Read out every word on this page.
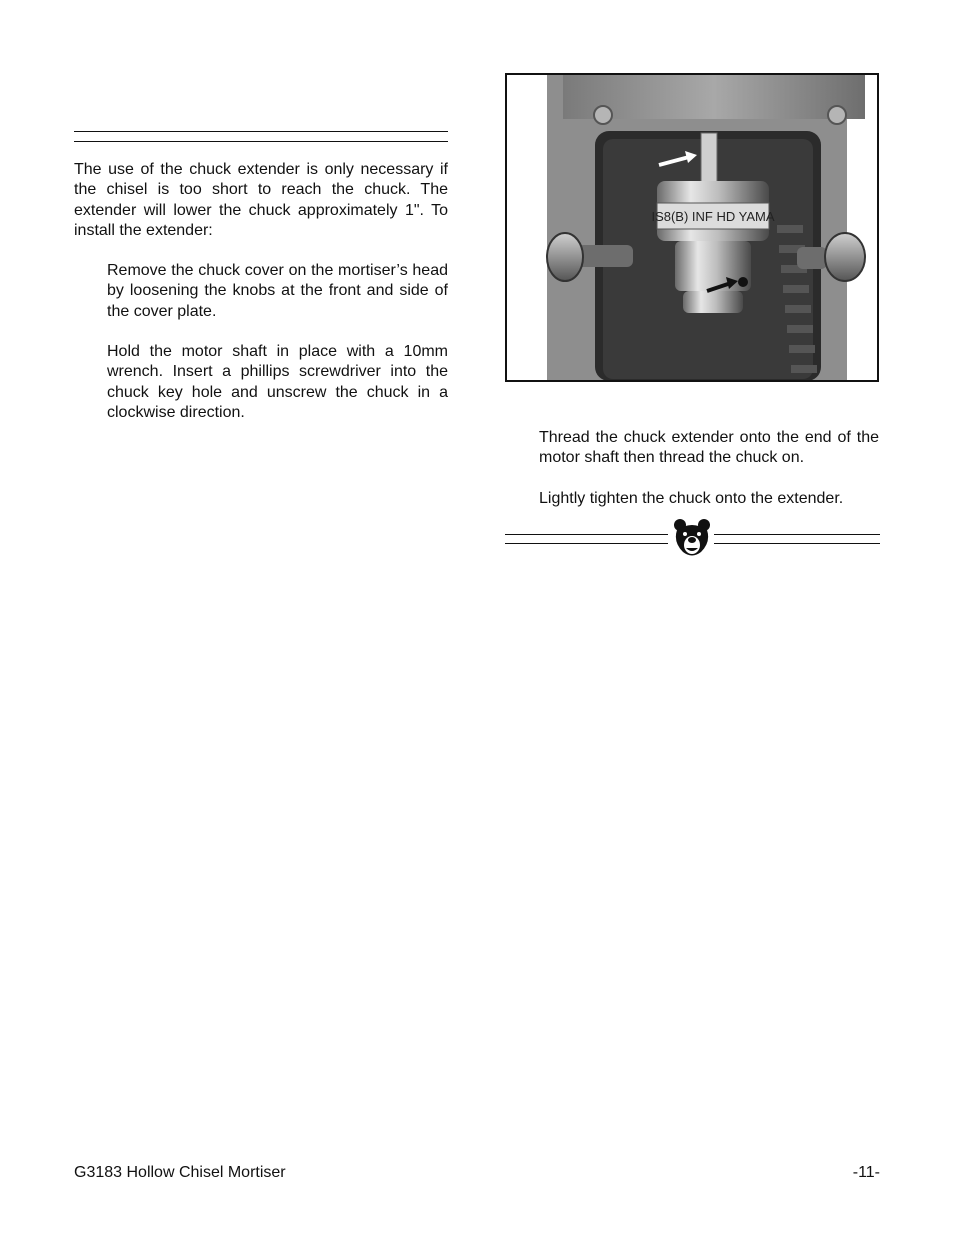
The use of the chuck extender is only necessary if the chisel is too short to reach the chuck. The extender will lower the chuck approximately 1". To install the extender:

Remove the chuck cover on the mortiser’s head by loosening the knobs at the front and side of the cover plate.

Hold the motor shaft in place with a 10mm wrench. Insert a phillips screwdriver into the chuck key hole and unscrew the chuck in a clockwise direction.

IS8(B) INF HD YAMA

Thread the chuck extender onto the end of the motor shaft then thread the chuck on.

Lightly tighten the chuck onto the extender.

G3183 Hollow Chisel Mortiser	-11-
